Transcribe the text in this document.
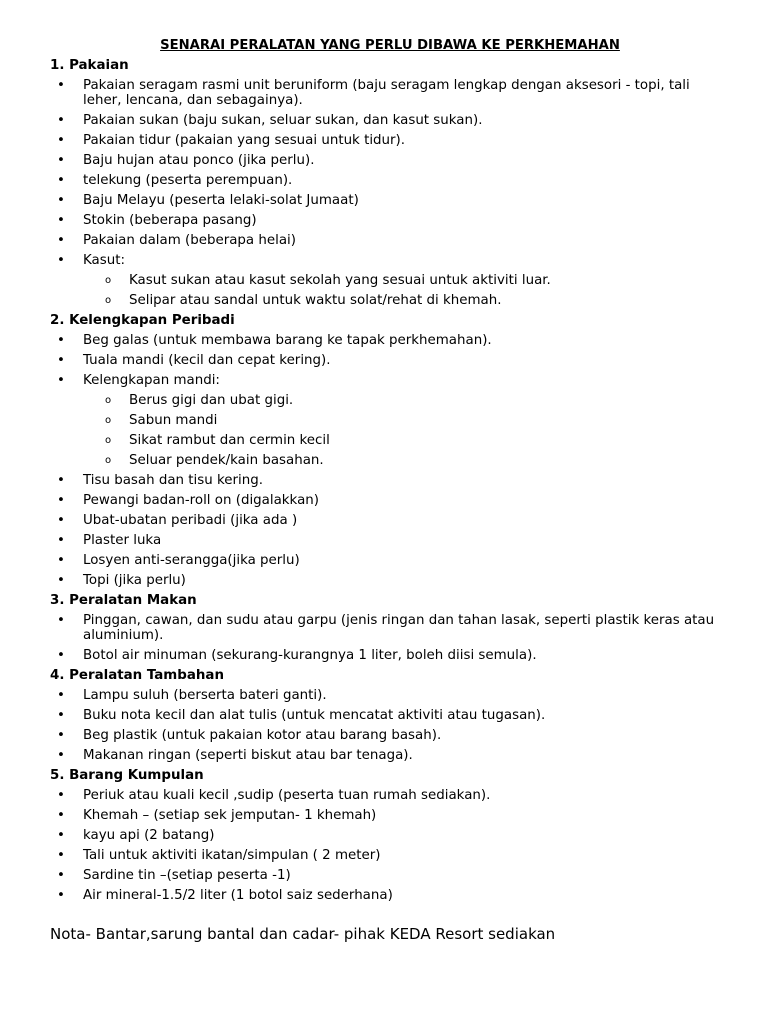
SENARAI PERALATAN YANG PERLU DIBAWA KE PERKHEMAHAN
1. Pakaian
• Pakaian seragam rasmi unit beruniform (baju seragam lengkap dengan aksesori - topi, tali leher, lencana, dan sebagainya).
• Pakaian sukan (baju sukan, seluar sukan, dan kasut sukan).
• Pakaian tidur (pakaian yang sesuai untuk tidur).
• Baju hujan atau ponco (jika perlu).
• telekung (peserta perempuan).
• Baju Melayu (peserta lelaki-solat Jumaat)
• Stokin (beberapa pasang)
• Pakaian dalam (beberapa helai)
• Kasut:
o Kasut sukan atau kasut sekolah yang sesuai untuk aktiviti luar.
o Selipar atau sandal untuk waktu solat/rehat di khemah.
2. Kelengkapan Peribadi
• Beg galas (untuk membawa barang ke tapak perkhemahan).
• Tuala mandi (kecil dan cepat kering).
• Kelengkapan mandi:
o Berus gigi dan ubat gigi.
o Sabun mandi
o Sikat rambut dan cermin kecil
o Seluar pendek/kain basahan.
• Tisu basah dan tisu kering.
• Pewangi badan-roll on (digalakkan)
• Ubat-ubatan peribadi (jika ada )
• Plaster luka
• Losyen anti-serangga(jika perlu)
• Topi (jika perlu)
3. Peralatan Makan
• Pinggan, cawan, dan sudu atau garpu (jenis ringan dan tahan lasak, seperti plastik keras atau aluminium).
• Botol air minuman (sekurang-kurangnya 1 liter, boleh diisi semula).
4. Peralatan Tambahan
• Lampu suluh (berserta bateri ganti).
• Buku nota kecil dan alat tulis (untuk mencatat aktiviti atau tugasan).
• Beg plastik (untuk pakaian kotor atau barang basah).
• Makanan ringan (seperti biskut atau bar tenaga).
5. Barang Kumpulan
• Periuk atau kuali kecil ,sudip (peserta tuan rumah sediakan).
• Khemah – (setiap sek jemputan- 1 khemah)
• kayu api (2 batang)
• Tali untuk aktiviti ikatan/simpulan ( 2 meter)
• Sardine tin –(setiap peserta -1)
• Air mineral-1.5/2 liter (1 botol saiz sederhana)
Nota- Bantar,sarung bantal dan cadar- pihak KEDA Resort sediakan
